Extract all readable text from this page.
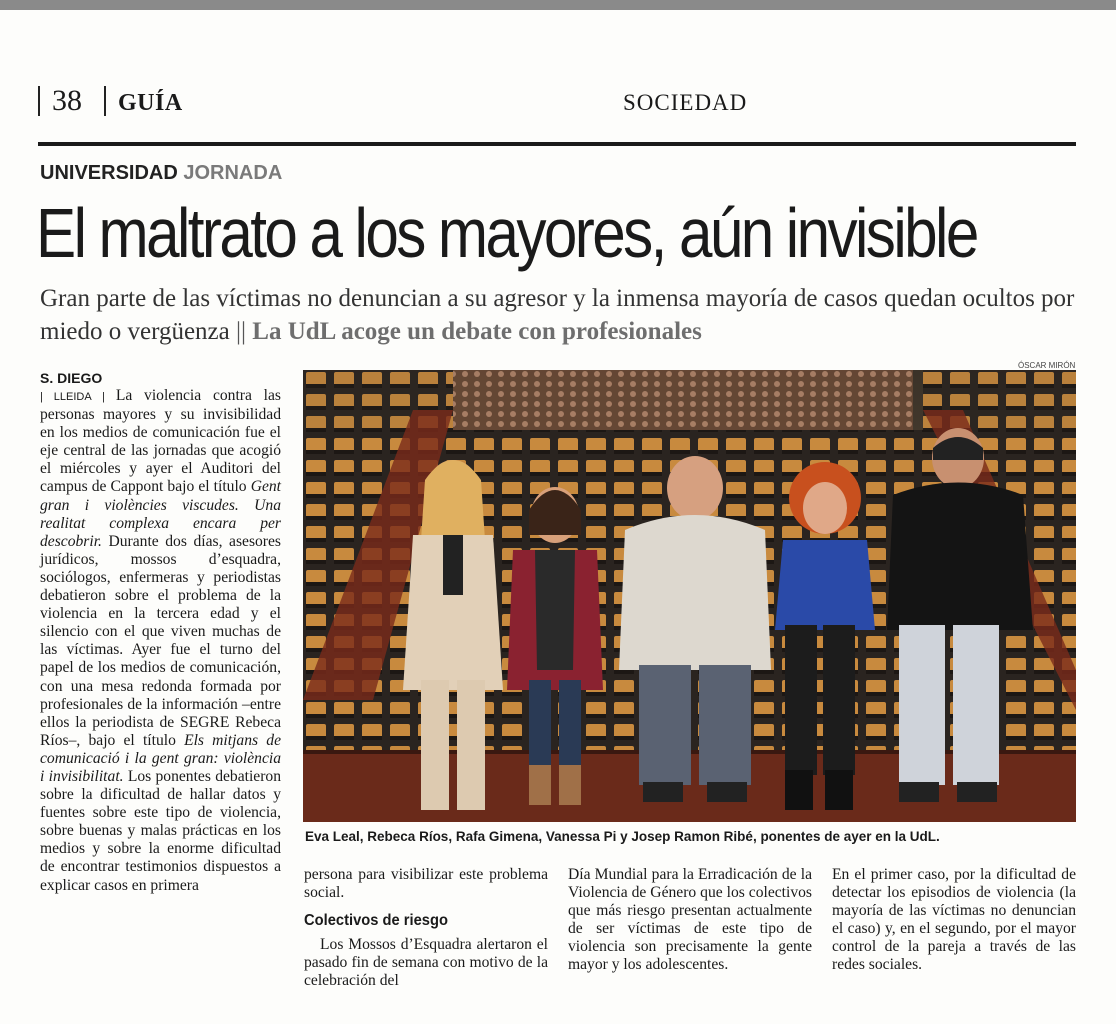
38 GUÍA	SOCIEDAD
UNIVERSIDAD JORNADA
El maltrato a los mayores, aún invisible
Gran parte de las víctimas no denuncian a su agresor y la inmensa mayoría de casos quedan ocultos por miedo o vergüenza || La UdL acoge un debate con profesionales
ÓSCAR MIRÓN
Eva Leal, Rebeca Ríos, Rafa Gimena, Vanessa Pi y Josep Ramon Ribé, ponentes de ayer en la UdL.
S. DIEGO

| LLEIDA | La violencia contra las personas mayores y su invisibilidad en los medios de comunicación fue el eje central de las jornadas que acogió el miércoles y ayer el Auditori del campus de Cappont bajo el título Gent gran i violències viscudes. Una realitat complexa encara per descobrir. Durante dos días, asesores jurídicos, mossos d’esquadra, sociólogos, enfermeras y periodistas debatieron sobre el problema de la violencia en la tercera edad y el silencio con el que viven muchas de las víctimas. Ayer fue el turno del papel de los medios de comunicación, con una mesa redonda formada por profesionales de la información –entre ellos la periodista de SEGRE Rebeca Ríos–, bajo el título Els mitjans de comunicació i la gent gran: violència i invisibilitat. Los ponentes debatieron sobre la dificultad de hallar datos y fuentes sobre este tipo de violencia, sobre buenas y malas prácticas en los medios y sobre la enorme dificultad de encontrar testimonios dispuestos a explicar casos en primera

persona para visibilizar este problema social.

Colectivos de riesgo

Los Mossos d’Esquadra alertaron el pasado fin de semana con motivo de la celebración del

Día Mundial para la Erradicación de la Violencia de Género que los colectivos que más riesgo presentan actualmente de ser víctimas de este tipo de violencia son precisamente la gente mayor y los adolescentes.

En el primer caso, por la dificultad de detectar los episodios de violencia (la mayoría de las víctimas no denuncian el caso) y, en el segundo, por el mayor control de la pareja a través de las redes sociales.
